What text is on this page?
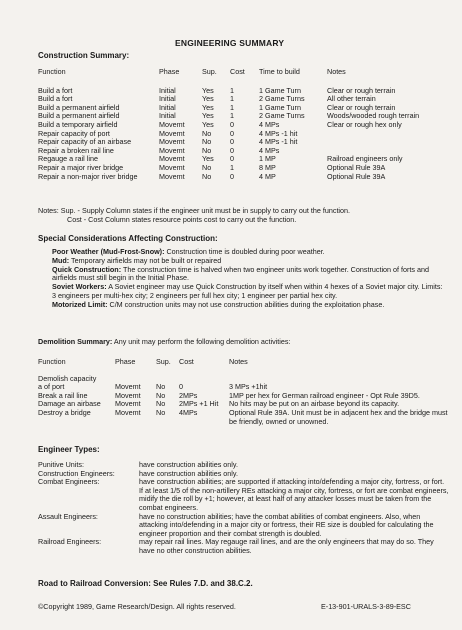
ENGINEERING SUMMARY
Construction Summary:
Function	Phase	Sup.	Cost	Time to build	Notes

Build a fort	Initial	Yes	1	1 Game Turn	Clear or rough terrain
Build a fort	Initial	Yes	1	2 Game Turns	All other terrain
Build a permanent airfield	Initial	Yes	1	1 Game Turn	Clear or rough terrain
Build a permanent airfield	Initial	Yes	1	2 Game Turns	Woods/wooded rough terrain
Build a temporary airfield	Movemt	Yes	0	4 MPs	Clear or rough hex only
Repair capacity of port	Movemt	No	0	4 MPs -1 hit	
Repair capacity of an airbase	Movemt	No	0	4 MPs -1 hit	
Repair a broken rail line	Movemt	No	0	4 MPs	
Regauge a rail line	Movemt	Yes	0	1 MP	Railroad engineers only
Repair a major river bridge	Movemt	No	1	8 MP	Optional Rule 39A
Repair a non-major river bridge	Movemt	No	0	4 MP	Optional Rule 39A

Notes: Sup. - Supply Column states if the engineer unit must be in supply to carry out the function.

Cost - Cost Column states resource points cost to carry out the function.

Special Considerations Affecting Construction:

Poor Weather (Mud-Frost-Snow): Construction time is doubled during poor weather.

Mud: Temporary airfields may not be built or repaired

Quick Construction: The construction time is halved when two engineer units work together. Construction of forts and airfields must still begin in the Initial Phase.

Soviet Workers: A Soviet engineer may use Quick Construction by itself when within 4 hexes of a Soviet major city. Limits: 3 engineers per multi-hex city; 2 engineers per full hex city; 1 engineer per partial hex city.

Motorized Limit: C/M construction units may not use construction abilities during the exploitation phase.

Demolition Summary: Any unit may perform the following demolition activities:
Function	Phase	Sup.	Cost	Notes

Demolish capacity				
a of port	Movemt	No	0	3 MPs +1hit
Break a rail line	Movemt	No	2MPs	1MP per hex for German railroad engineer - Opt Rule 39D5.
Damage an airbase	Movemt	No	2MPs +1 Hit	No hits may be put on an airbase beyond its capacity.
Destroy a bridge	Movemt	No	4MPs	Optional Rule 39A. Unit must be in adjacent hex and the bridge must be friendly, owned or unowned.
Engineer Types:
Punitive Units:	have construction abilities only.
Construction Engineers:	have construction abilities only.
Combat Engineers:	have construction abilities; are supported if attacking into/defending a major city, fortress, or fort. If at least 1/5 of the non-artillery REs attacking a major city, fortress, or fort are combat engineers, midify the die roll by +1; however, at least half of any attacker losses must be taken from the combat engineers.
Assault Engineers:	have no construction abilities; have the combat abilities of combat engineers. Also, when attacking into/defending in a major city or fortress, their RE size is doubled for calculating the engineer proportion and their combat strength is doubled.
Railroad Engineers:	may repair rail lines. May regauge rail lines, and are the only engineers that may do so. They have no other construction abilities.
Road to Railroad Conversion: See Rules 7.D. and 38.C.2.
©Copyright 1989, Game Research/Design. All rights reserved.	E-13-901-URALS-3-89-ESC
